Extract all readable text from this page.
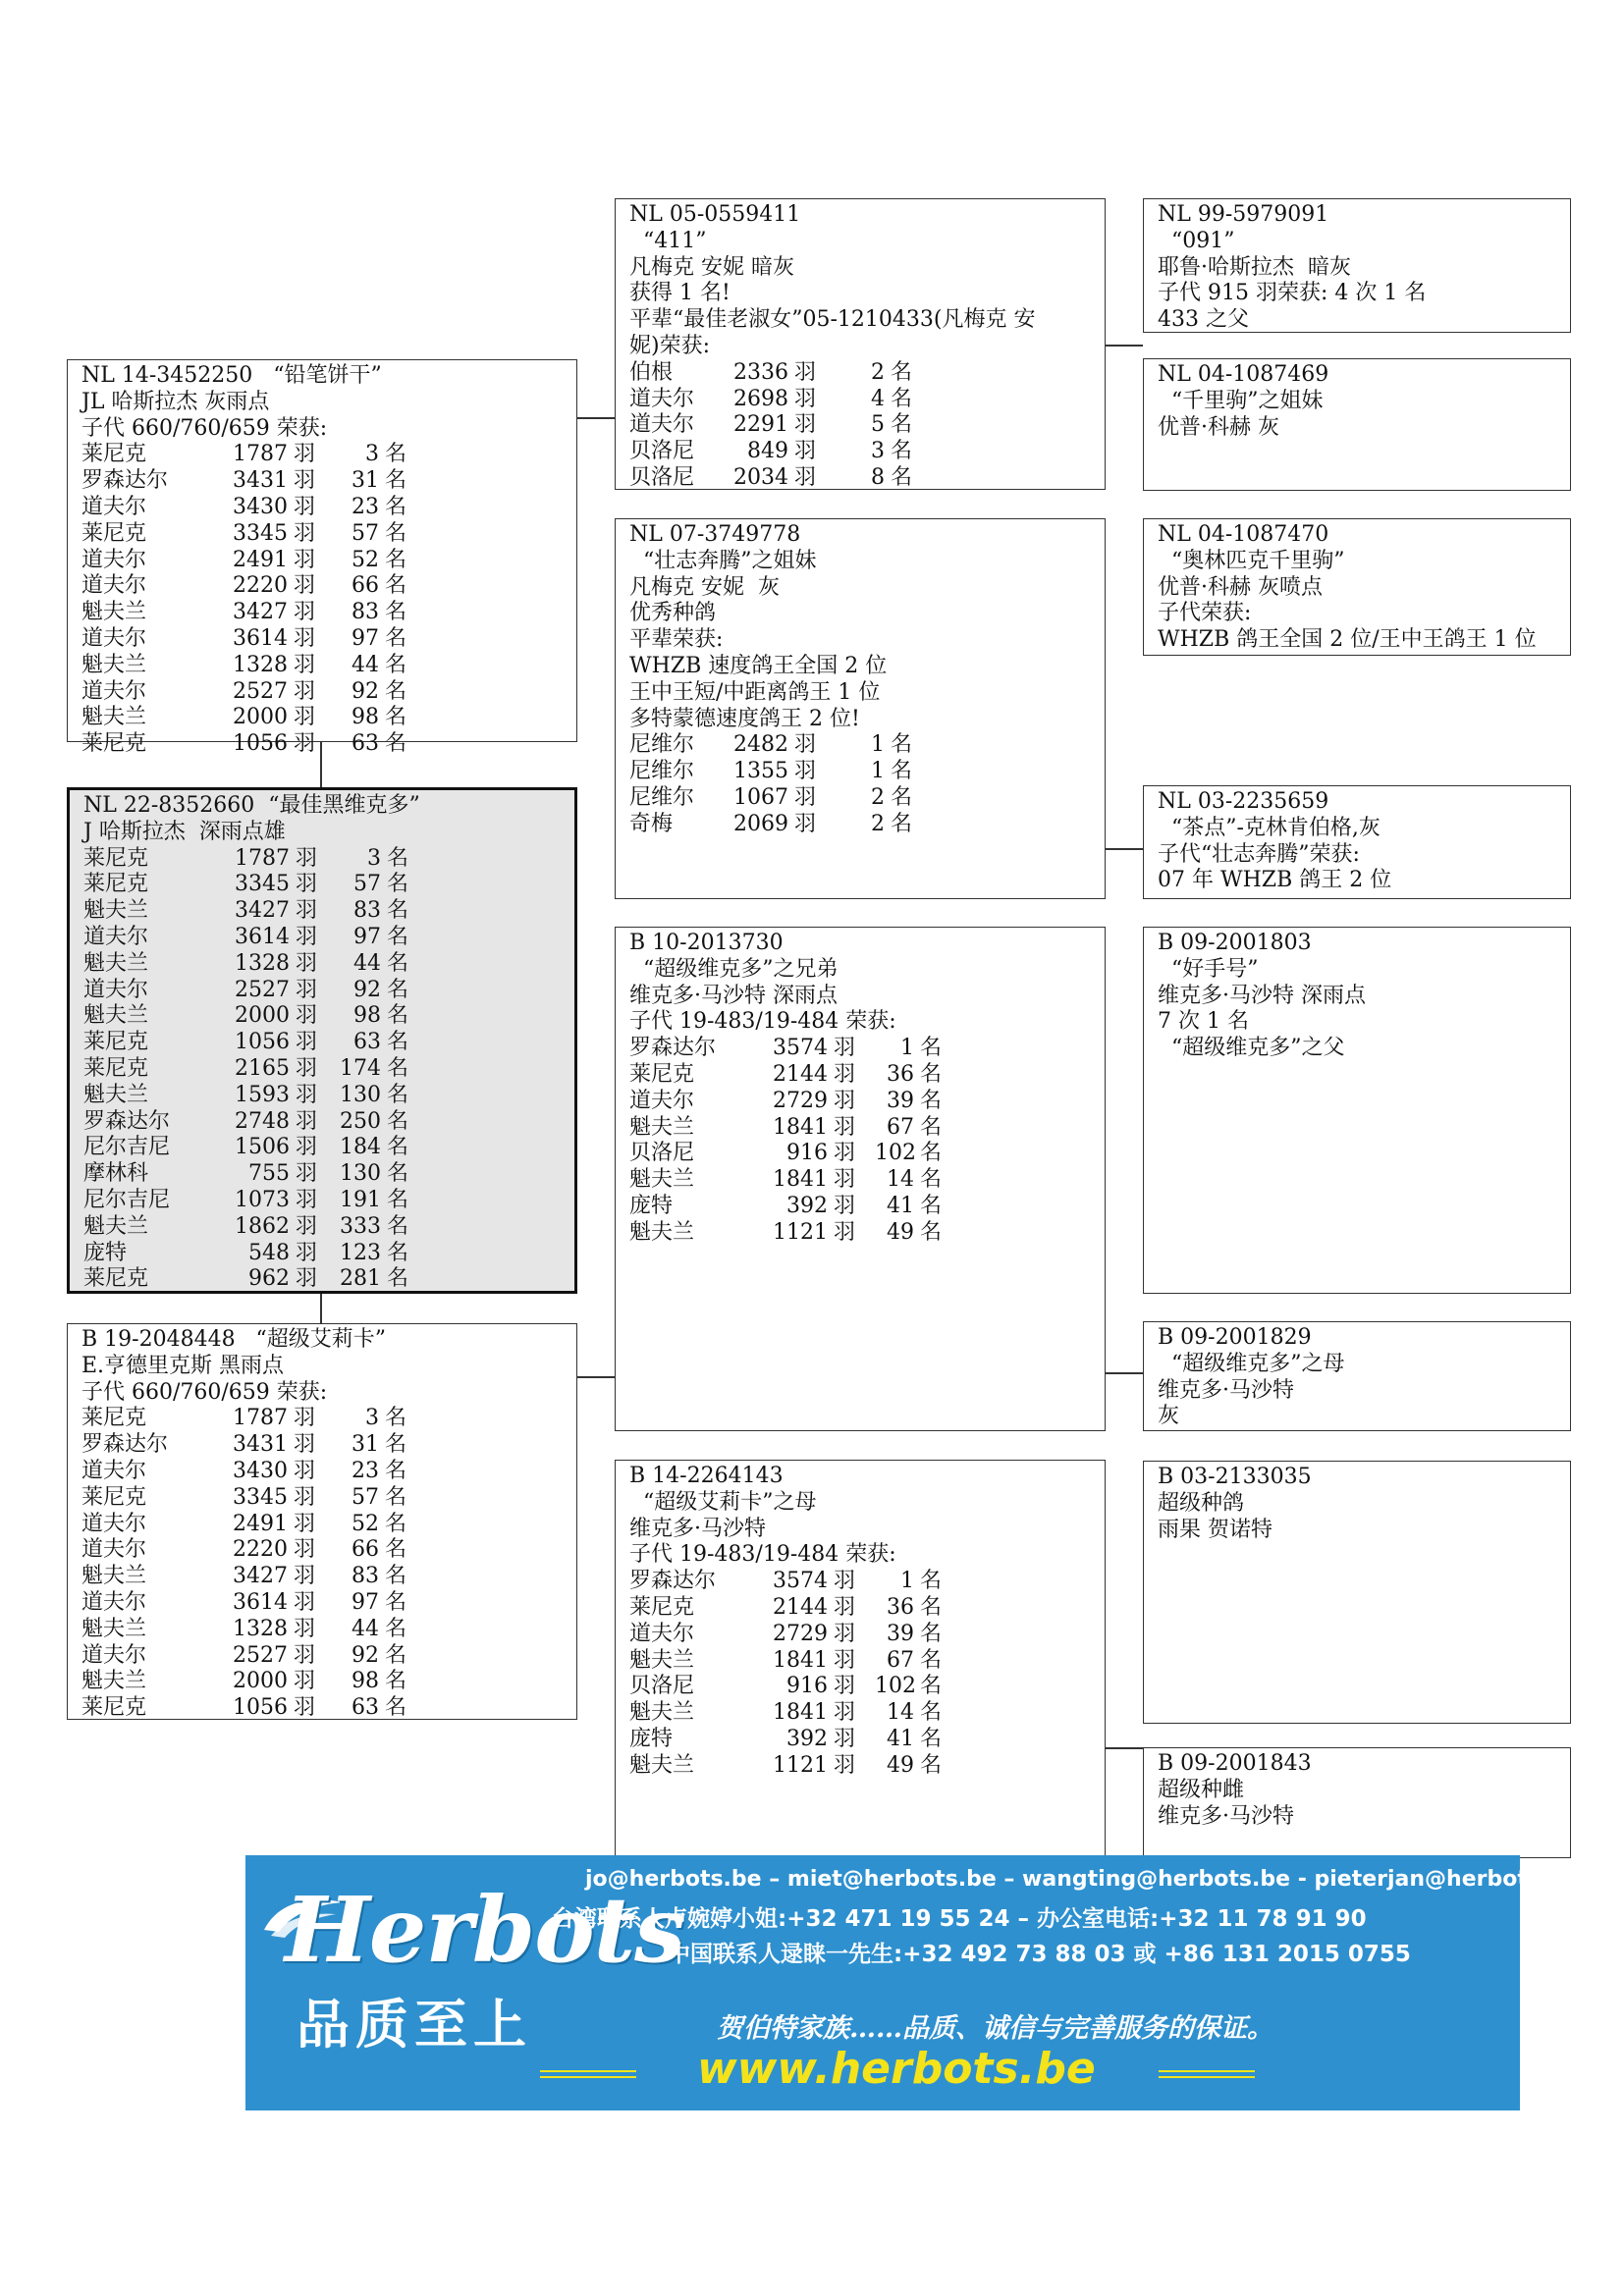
NL 14-3452250   “铅笔饼干”
JL 哈斯拉杰 灰雨点
子代 660/760/659 荣获:
莱尼克	1787 羽	3 名
罗森达尔	3431 羽	31 名
道夫尔	3430 羽	23 名
莱尼克	3345 羽	57 名
道夫尔	2491 羽	52 名
道夫尔	2220 羽	66 名
魁夫兰	3427 羽	83 名
道夫尔	3614 羽	97 名
魁夫兰	1328 羽	44 名
道夫尔	2527 羽	92 名
魁夫兰	2000 羽	98 名
莱尼克	1056 羽	63 名
NL 22-8352660  “最佳黑维克多”
J 哈斯拉杰  深雨点雄
莱尼克	1787 羽	3 名
莱尼克	3345 羽	57 名
魁夫兰	3427 羽	83 名
道夫尔	3614 羽	97 名
魁夫兰	1328 羽	44 名
道夫尔	2527 羽	92 名
魁夫兰	2000 羽	98 名
莱尼克	1056 羽	63 名
莱尼克	2165 羽	174 名
魁夫兰	1593 羽	130 名
罗森达尔	2748 羽	250 名
尼尔吉尼	1506 羽	184 名
摩林科	755 羽	130 名
尼尔吉尼	1073 羽	191 名
魁夫兰	1862 羽	333 名
庞特	548 羽	123 名
莱尼克	962 羽	281 名
B 19-2048448   “超级艾莉卡”
E.亨德里克斯 黑雨点
子代 660/760/659 荣获:
莱尼克	1787 羽	3 名
罗森达尔	3431 羽	31 名
道夫尔	3430 羽	23 名
莱尼克	3345 羽	57 名
道夫尔	2491 羽	52 名
道夫尔	2220 羽	66 名
魁夫兰	3427 羽	83 名
道夫尔	3614 羽	97 名
魁夫兰	1328 羽	44 名
道夫尔	2527 羽	92 名
魁夫兰	2000 羽	98 名
莱尼克	1056 羽	63 名
NL 05-0559411
“411”
凡梅克 安妮 暗灰
获得 1 名!
平辈“最佳老淑女”05-1210433(凡梅克 安
妮)荣获:
伯根	2336 羽	2 名
道夫尔	2698 羽	4 名
道夫尔	2291 羽	5 名
贝洛尼	849 羽	3 名
贝洛尼	2034 羽	8 名
NL 07-3749778
“壮志奔腾”之姐妹
凡梅克 安妮  灰
优秀种鸽
平辈荣获:
WHZB 速度鸽王全国 2 位
王中王短/中距离鸽王 1 位
多特蒙德速度鸽王 2 位!
尼维尔	2482 羽	1 名
尼维尔	1355 羽	1 名
尼维尔	1067 羽	2 名
奇梅	2069 羽	2 名
B 10-2013730
“超级维克多”之兄弟
维克多·马沙特 深雨点
子代 19-483/19-484 荣获:
罗森达尔	3574 羽	1 名
莱尼克	2144 羽	36 名
道夫尔	2729 羽	39 名
魁夫兰	1841 羽	67 名
贝洛尼	916 羽 102 名
魁夫兰	1841 羽	14 名
庞特	392 羽	41 名
魁夫兰	1121 羽	49 名
B 14-2264143
“超级艾莉卡”之母
维克多·马沙特
子代 19-483/19-484 荣获:
罗森达尔	3574 羽	1 名
莱尼克	2144 羽	36 名
道夫尔	2729 羽	39 名
魁夫兰	1841 羽	67 名
贝洛尼	916 羽 102 名
魁夫兰	1841 羽	14 名
庞特	392 羽	41 名
魁夫兰	1121 羽	49 名
NL 99-5979091
“091”
耶鲁·哈斯拉杰  暗灰
子代 915 羽荣获: 4 次 1 名
433 之父
NL 04-1087469
“千里驹”之姐妹
优普·科赫 灰
NL 04-1087470
“奥林匹克千里驹”
优普·科赫 灰喷点
子代荣获:
WHZB 鸽王全国 2 位/王中王鸽王 1 位
NL 03-2235659
“茶点”-克林肯伯格,灰
子代“壮志奔腾”荣获:
07 年 WHZB 鸽王 2 位
B 09-2001803
“好手号”
维克多·马沙特 深雨点
7 次 1 名
“超级维克多”之父
B 09-2001829
“超级维克多”之母
维克多·马沙特
灰
B 03-2133035
超级种鸽
雨果 贺诺特
B 09-2001843
超级种雌
维克多·马沙特
Herbots
品质至上
jo@herbots.be – miet@herbots.be – wangting@herbots.be - pieterjan@herbots.be
台湾联系人卢婉婷小姐:+32 471 19 55 24 – 办公室电话:+32 11 78 91 90
中国联系人逯睐一先生:+32 492 73 88 03 或 +86 131 2015 0755
贺伯特家族……品质、诚信与完善服务的保证。
www.herbots.be
